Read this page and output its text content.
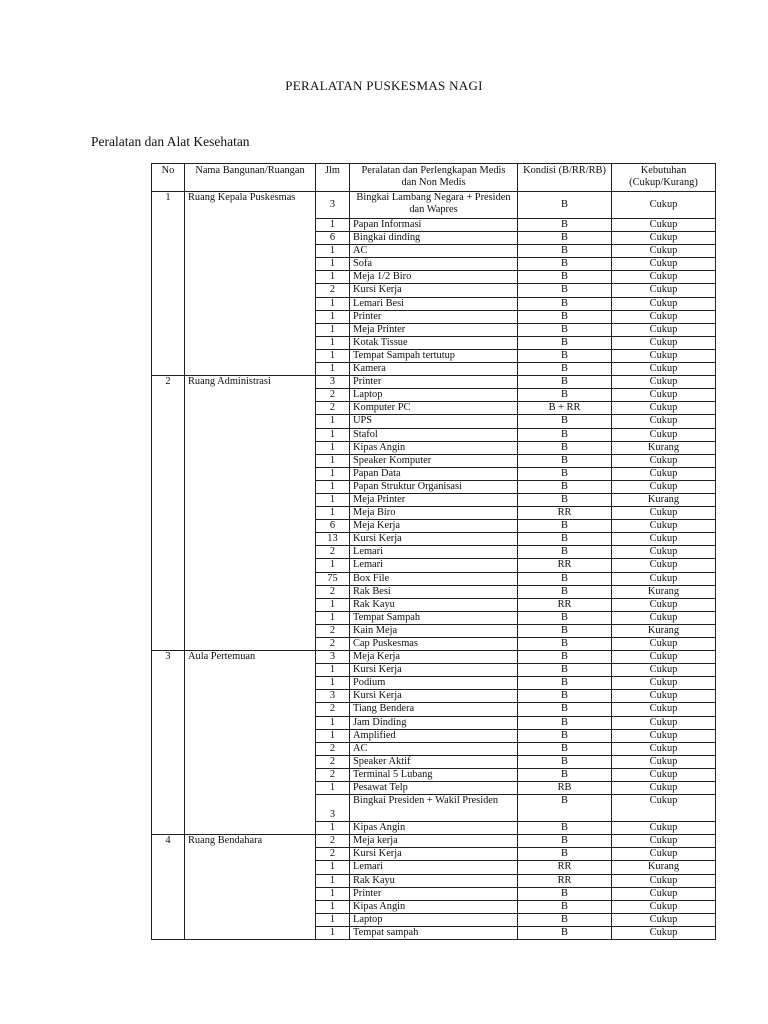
PERALATAN PUSKESMAS NAGI
Peralatan dan Alat Kesehatan
No	Nama Bangunan/Ruangan	Jlm	Peralatan dan Perlengkapan Medis dan Non Medis	Kondisi (B/RR/RB)	Kebutuhan (Cukup/Kurang)
1	Ruang Kepala Puskesmas	3	Bingkai Lambang Negara + Presiden dan Wapres	B	Cukup
		1	Papan Informasi	B	Cukup
		6	Bingkai dinding	B	Cukup
		1	AC	B	Cukup
		1	Sofa	B	Cukup
		1	Meja 1/2 Biro	B	Cukup
		2	Kursi Kerja	B	Cukup
		1	Lemari Besi	B	Cukup
		1	Printer	B	Cukup
		1	Meja Printer	B	Cukup
		1	Kotak Tissue	B	Cukup
		1	Tempat Sampah tertutup	B	Cukup
		1	Kamera	B	Cukup
2	Ruang Administrasi	3	Printer	B	Cukup
		2	Laptop	B	Cukup
		2	Komputer PC	B + RR	Cukup
		1	UPS	B	Cukup
		1	Stafol	B	Cukup
		1	Kipas Angin	B	Kurang
		1	Speaker Komputer	B	Cukup
		1	Papan Data	B	Cukup
		1	Papan Struktur Organisasi	B	Cukup
		1	Meja Printer	B	Kurang
		1	Meja Biro	RR	Cukup
		6	Meja Kerja	B	Cukup
		13	Kursi Kerja	B	Cukup
		2	Lemari	B	Cukup
		1	Lemari	RR	Cukup
		75	Box File	B	Cukup
		2	Rak Besi	B	Kurang
		1	Rak Kayu	RR	Cukup
		1	Tempat Sampah	B	Cukup
		2	Kain Meja	B	Kurang
		2	Cap Puskesmas	B	Cukup
3	Aula Pertemuan	3	Meja Kerja	B	Cukup
		1	Kursi Kerja	B	Cukup
		1	Podium	B	Cukup
		3	Kursi Kerja	B	Cukup
		2	Tiang Bendera	B	Cukup
		1	Jam Dinding	B	Cukup
		1	Amplified	B	Cukup
		2	AC	B	Cukup
		2	Speaker Aktif	B	Cukup
		2	Terminal 5 Lubang	B	Cukup
		1	Pesawat Telp	RB	Cukup
		3	Bingkai Presiden + Wakil Presiden	B	Cukup
		1	Kipas Angin	B	Cukup
4	Ruang Bendahara	2	Meja kerja	B	Cukup
		2	Kursi Kerja	B	Cukup
		1	Lemari	RR	Kurang
		1	Rak Kayu	RR	Cukup
		1	Printer	B	Cukup
		1	Kipas Angin	B	Cukup
		1	Laptop	B	Cukup
		1	Tempat sampah	B	Cukup
